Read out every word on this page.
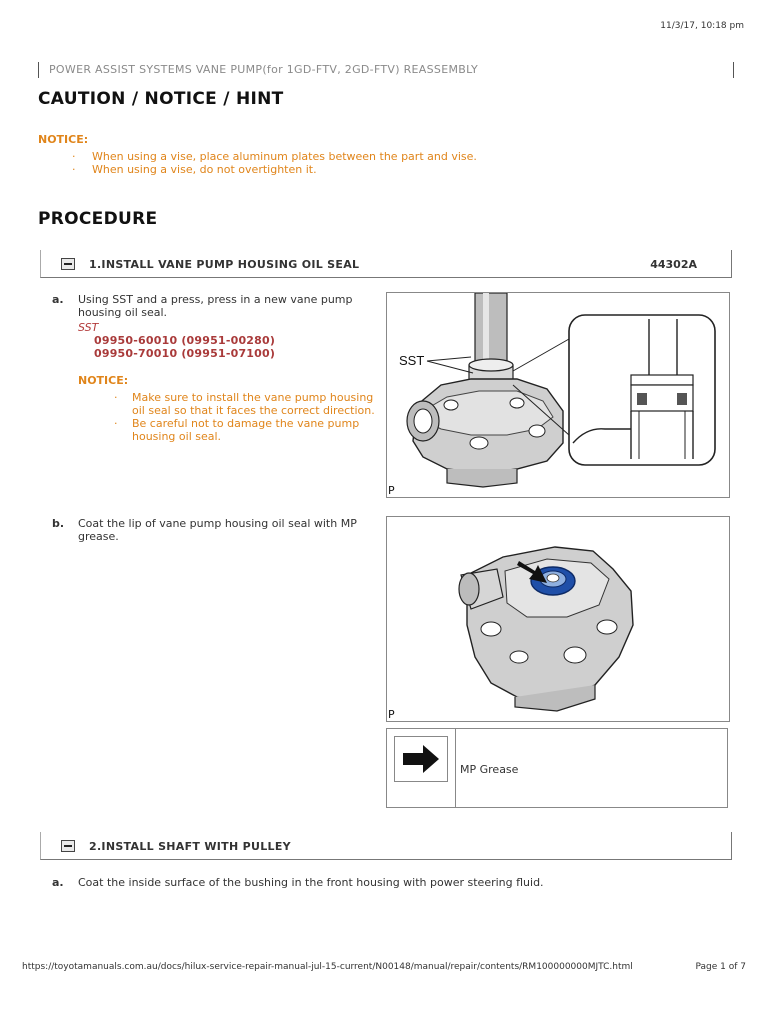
11/3/17, 10:18 pm
POWER ASSIST SYSTEMS VANE PUMP(for 1GD-FTV, 2GD-FTV) REASSEMBLY
CAUTION / NOTICE / HINT
NOTICE:
· When using a vise, place aluminum plates between the part and vise.
· When using a vise, do not overtighten it.
PROCEDURE
1.INSTALL VANE PUMP HOUSING OIL SEAL	44302A
a. Using SST and a press, press in a new vane pump
housing oil seal.
SST
09950-60010 (09951-00280)
09950-70010 (09951-07100)
NOTICE:
· Make sure to install the vane pump housing oil seal so that it faces the correct direction.
· Be careful not to damage the vane pump housing oil seal.
SST
P
b. Coat the lip of vane pump housing oil seal with MP
grease.
P
MP Grease
2.INSTALL SHAFT WITH PULLEY
a. Coat the inside surface of the bushing in the front housing with power steering fluid.
https://toyotamanuals.com.au/docs/hilux-service-repair-manual-jul-15-current/N00148/manual/repair/contents/RM100000000MJTC.html	Page 1 of 7
